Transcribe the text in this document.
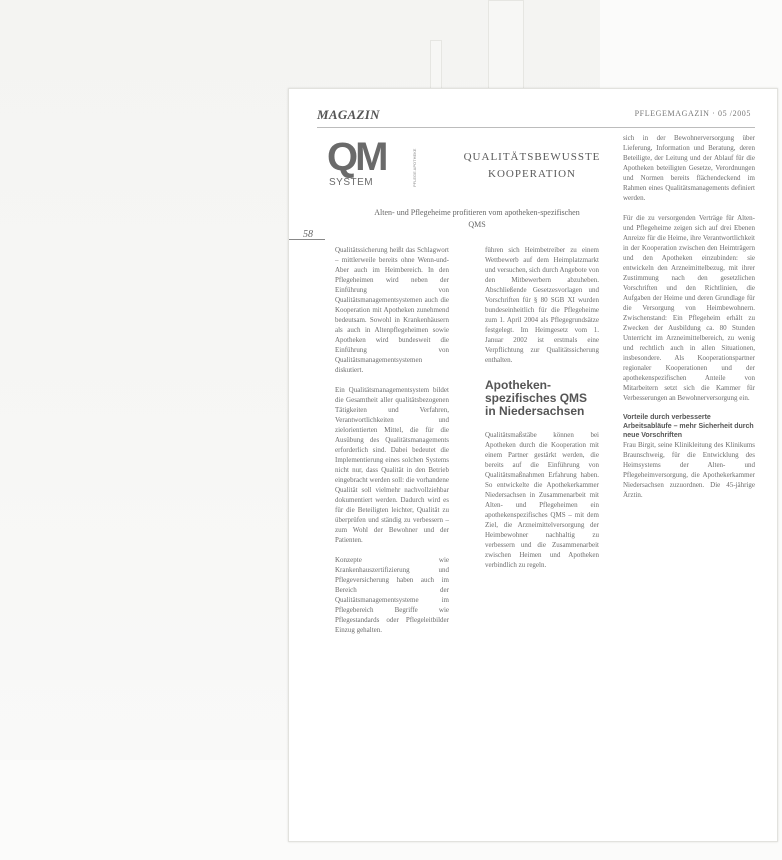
MAGAZIN	PFLEGEMAGAZIN · 05 /2005
QM
SYSTEM	PFLEGE APOTHEKE	QUALITÄTSBEWUSSTE
KOOPERATION
Alten- und Pflegeheime profitieren vom apotheken-spezifischen QMS
58

Qualitätssicherung heißt das Schlagwort – mittlerweile bereits ohne Wenn-und-Aber auch im Heimbereich. In den Pflegeheimen wird neben der Einführung von Qualitätsmanagementsystemen auch die Kooperation mit Apotheken zunehmend bedeutsam. Sowohl in Krankenhäusern als auch in Altenpflegeheimen sowie Apotheken wird bundesweit die Einführung von Qualitätsmanagementsystemen diskutiert.

Ein Qualitätsmanagementsystem bildet die Gesamtheit aller qualitätsbezogenen Tätigkeiten und Verfahren, Verantwortlichkeiten und zielorientierten Mittel, die für die Ausübung des Qualitätsmanagements erforderlich sind. Dabei bedeutet die Implementierung eines solchen Systems nicht nur, dass Qualität in den Betrieb eingebracht werden soll: die vorhandene Qualität soll vielmehr nachvollziehbar dokumentiert werden. Dadurch wird es für die Beteiligten leichter, Qualität zu überprüfen und ständig zu verbessern – zum Wohl der Bewohner und der Patienten.

Konzepte wie Krankenhauszertifizierung und Pflegeversicherung haben auch im Bereich der Qualitätsmanagementsysteme im Pflegebereich Begriffe wie Pflegestandards oder Pflegeleitbilder Einzug gehalten.

führen sich Heimbetreiber zu einem Wettbewerb auf dem Heimplatzmarkt und versuchen, sich durch Angebote von den Mitbewerbern abzuheben. Abschließende Gesetzesvorlagen und Vorschriften für § 80 SGB XI wurden bundeseinheitlich für die Pflegeheime zum 1. April 2004 als Pflegegrundsätze festgelegt. Im Heimgesetz vom 1. Januar 2002 ist erstmals eine Verpflichtung zur Qualitätssicherung enthalten.

Apotheken-spezifisches QMS in Niedersachsen

Qualitätsmaßstäbe können bei Apotheken durch die Kooperation mit einem Partner gestärkt werden, die bereits auf die Einführung von Qualitätsmaßnahmen Erfahrung haben. So entwickelte die Apothekerkammer Niedersachsen in Zusammenarbeit mit Alten- und Pflegeheimen ein apothekenspezifisches QMS – mit dem Ziel, die Arzneimittelversorgung der Heimbewohner nachhaltig zu verbessern und die Zusammenarbeit zwischen Heimen und Apotheken verbindlich zu regeln.

sich in der Bewohnerversorgung über Lieferung, Information und Beratung, deren Beteiligte, der Leitung und der Ablauf für die Apotheken beteiligten Gesetze, Verordnungen und Normen bereits flächendeckend im Rahmen eines Qualitätsmanagements definiert werden.

Für die zu versorgenden Verträge für Alten- und Pflegeheime zeigen sich auf drei Ebenen Anreize für die Heime, ihre Verantwortlichkeit in der Kooperation zwischen den Heimträgern und den Apotheken einzubinden: sie entwickeln den Arzneimittelbezug, mit ihrer Zustimmung nach den gesetzlichen Vorschriften und den Richtlinien, die Aufgaben der Heime und deren Grundlage für die Versorgung von Heimbewohnern. Zwischenstand: Ein Pflegeheim erhält zu Zwecken der Ausbildung ca. 80 Stunden Unterricht im Arzneimittelbereich, zu wenig und rechtlich auch in allen Situationen, insbesondere. Als Kooperationspartner regionaler Kooperationen und der apothekenspezifischen Anteile von Mitarbeitern setzt sich die Kammer für Verbesserungen an Bewohnerversorgung ein.

Vorteile durch verbesserte Arbeitsabläufe – mehr Sicherheit durch neue Vorschriften

Frau Birgit, seine Klinikleitung des Klinikums Braunschweig, für die Entwicklung des Heimsystems der Alten- und Pflegeheimversorgung, die Apothekerkammer Niedersachsen zuzuordnen. Die 45-jährige Ärztin.
